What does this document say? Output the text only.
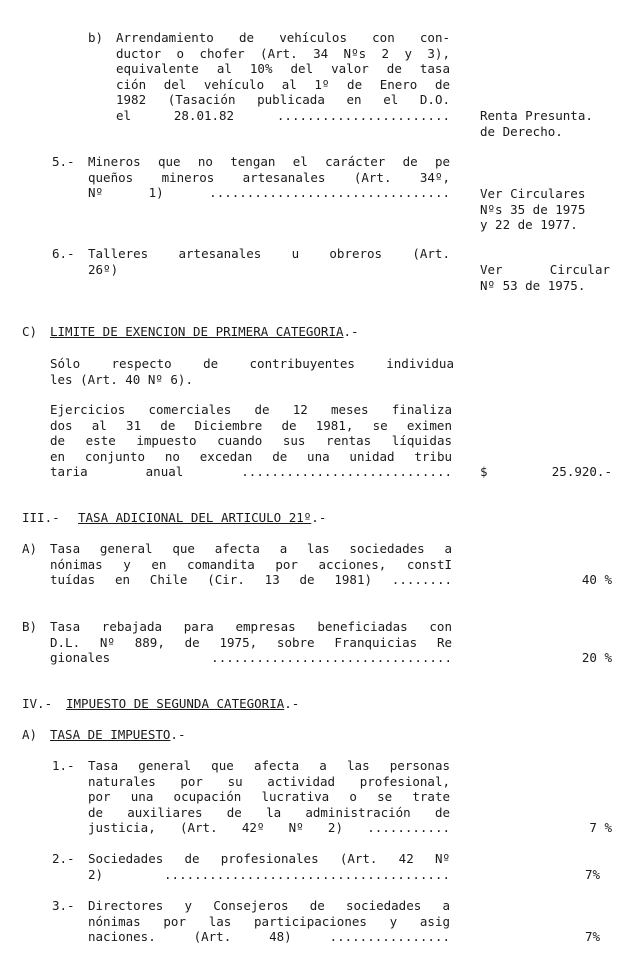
b) Arrendamiento de vehículos con con-
ductor o chofer (Art. 34 Nºs 2 y 3),
equivalente al 10% del valor de tasa
ción del vehículo al 1º de Enero de
1982 (Tasación publicada en el D.O.
el 28.01.82 ....................... Renta Presunta.
de Derecho.
5.- Mineros que no tengan el carácter de pe
queños mineros artesanales (Art. 34º,
Nº 1) ................................ Ver Circulares
Nºs 35 de 1975
y 22 de 1977.
6.- Talleres artesanales u obreros (Art.
26º)	Ver Circular
Nº 53 de 1975.
C) LIMITE DE EXENCION DE PRIMERA CATEGORIA.-
Sólo respecto de contribuyentes individua
les (Art. 40 Nº 6).
Ejercicios comerciales de 12 meses finaliza
dos al 31 de Diciembre de 1981, se eximen
de este impuesto cuando sus rentas líquidas
en conjunto no excedan de una unidad tribu
taria anual ............................ $	25.920.-
III.- TASA ADICIONAL DEL ARTICULO 21º.-
A) Tasa general que afecta a las sociedades a
nónimas y en comandita por acciones, constI
tuídas en Chile (Cir. 13 de 1981) ........	40 %
B) Tasa rebajada para empresas beneficiadas con
D.L. Nº 889, de 1975, sobre Franquicias Re
gionales ................................	20 %
IV.- IMPUESTO DE SEGUNDA CATEGORIA.-
A) TASA DE IMPUESTO.-
1.- Tasa general que afecta a las personas
naturales por su actividad profesional,
por una ocupación lucrativa o se trate
de auxiliares de la administración de
justicia, (Art. 42º Nº 2) ...........	7 %
2.- Sociedades de profesionales (Art. 42 Nº
2) ......................................	7%
3.- Directores y Consejeros de sociedades a
nónimas por las participaciones y asig
naciones. (Art. 48) ................	7%
